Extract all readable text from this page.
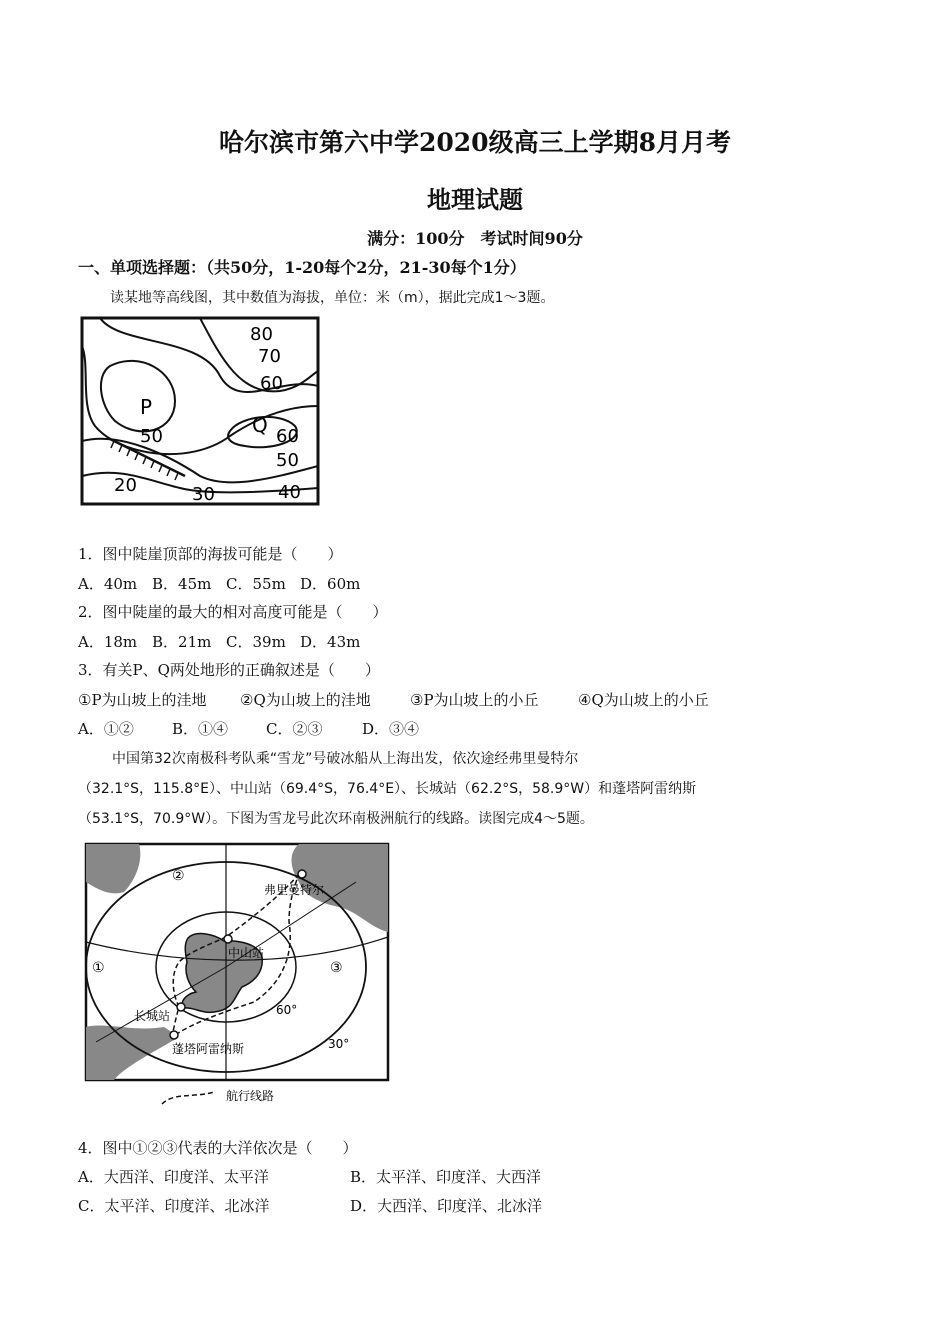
哈尔滨市第六中学2020级高三上学期8月月考
地理试题
满分：100分　考试时间90分
一、单项选择题：（共50分，1-20每个2分，21-30每个1分）
读某地等高线图，其中数值为海拔，单位：米（m），据此完成1～3题。
80
70
60
P
50	Q 60
50
20	30	40
1．图中陡崖顶部的海拔可能是（　　）
A．40m B．45m C．55m D．60m
2．图中陡崖的最大的相对高度可能是（　　）
A．18m B．21m C．39m D．43m
3．有关P、Q两处地形的正确叙述是（　　）
①P为山坡上的洼地 ②Q为山坡上的洼地	③P为山坡上的小丘	④Q为山坡上的小丘
A．①②	B．①④	C．②③	D．③④
中国第32次南极科考队乘“雪龙”号破冰船从上海出发，依次途经弗里曼特尔
（32.1°S，115.8°E）、中山站（69.4°S，76.4°E）、长城站（62.2°S，58.9°W）和蓬塔阿雷纳斯
（53.1°S，70.9°W）。下图为雪龙号此次环南极洲航行的线路。读图完成4～5题。
①
②
③
弗里曼特尔
中山站
长城站
蓬塔阿雷纳斯
60°
30°
航行线路
4．图中①②③代表的大洋依次是（　　）
A．大西洋、印度洋、太平洋	B．太平洋、印度洋、大西洋
C．太平洋、印度洋、北冰洋	D．大西洋、印度洋、北冰洋
